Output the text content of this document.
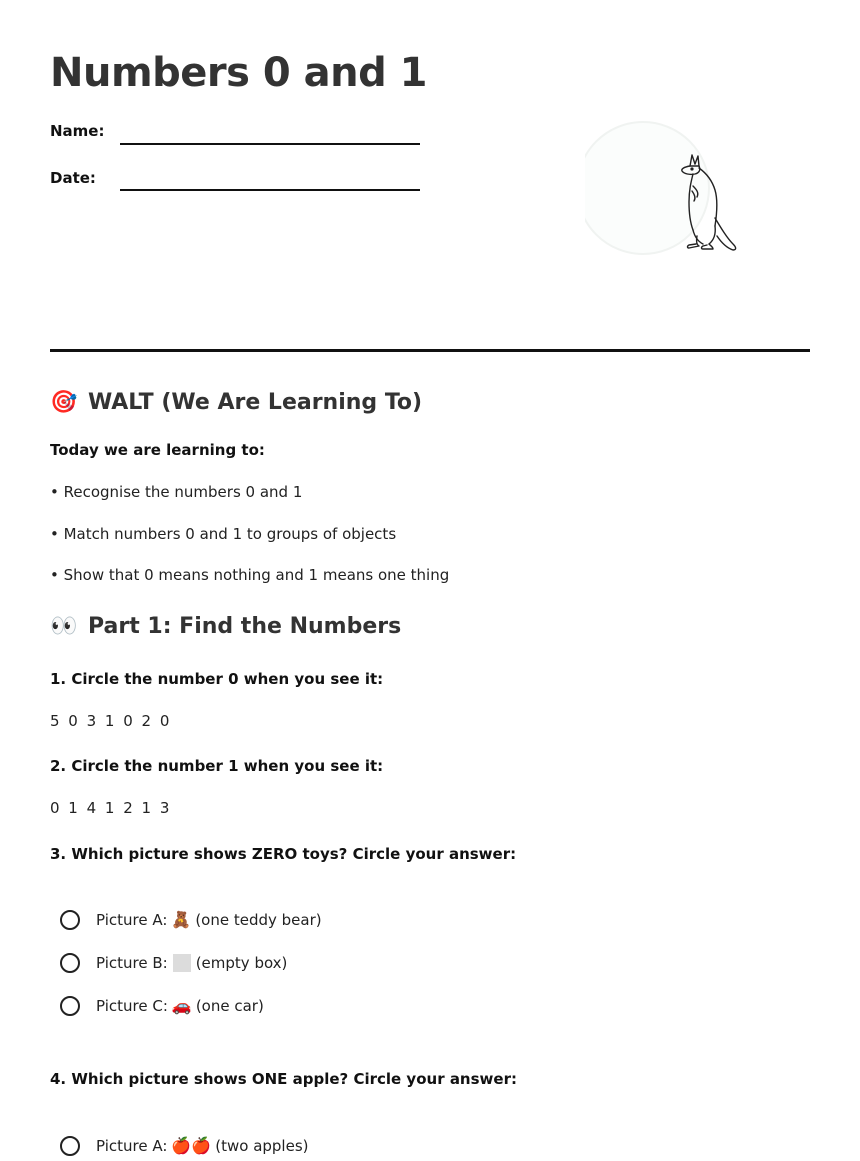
Numbers 0 and 1
Name:
Date:
🎯 WALT (We Are Learning To)
Today we are learning to:
• Recognise the numbers 0 and 1
• Match numbers 0 and 1 to groups of objects
• Show that 0 means nothing and 1 means one thing
👀 Part 1: Find the Numbers
1. Circle the number 0 when you see it:
5 0 3 1 0 2 0
2. Circle the number 1 when you see it:
0 1 4 1 2 1 3
3. Which picture shows ZERO toys? Circle your answer:
Picture A: 🧸 (one teddy bear)
Picture B: (empty box)
Picture C: 🚗 (one car)
4. Which picture shows ONE apple? Circle your answer:
Picture A: 🍎🍎 (two apples)
